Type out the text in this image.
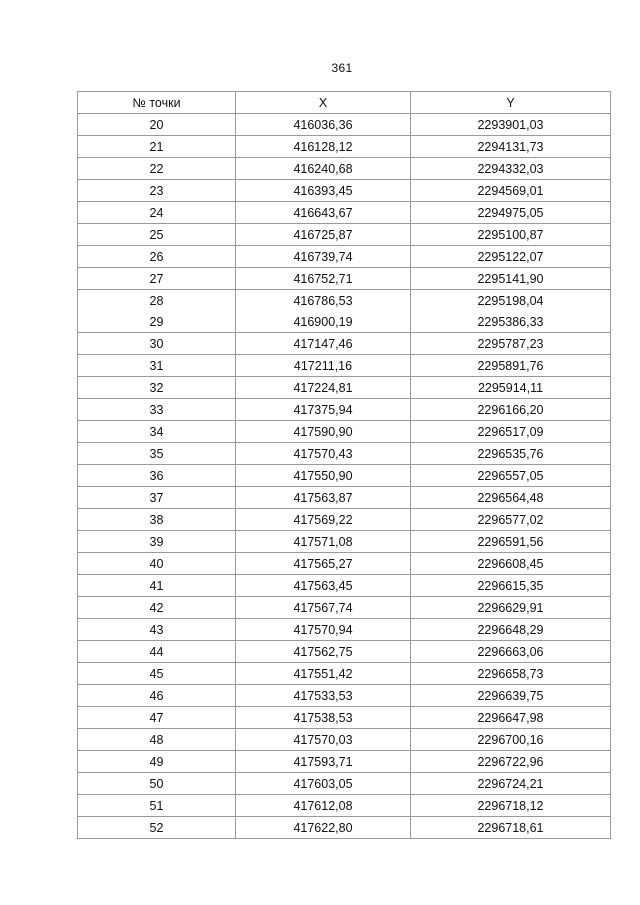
361
№ точки	X	Y
20	416036,36	2293901,03
21	416128,12	2294131,73
22	416240,68	2294332,03
23	416393,45	2294569,01
24	416643,67	2294975,05
25	416725,87	2295100,87
26	416739,74	2295122,07
27	416752,71	2295141,90
28	416786,53	2295198,04
29	416900,19	2295386,33
30	417147,46	2295787,23
31	417211,16	2295891,76
32	417224,81	2295914,11
33	417375,94	2296166,20
34	417590,90	2296517,09
35	417570,43	2296535,76
36	417550,90	2296557,05
37	417563,87	2296564,48
38	417569,22	2296577,02
39	417571,08	2296591,56
40	417565,27	2296608,45
41	417563,45	2296615,35
42	417567,74	2296629,91
43	417570,94	2296648,29
44	417562,75	2296663,06
45	417551,42	2296658,73
46	417533,53	2296639,75
47	417538,53	2296647,98
48	417570,03	2296700,16
49	417593,71	2296722,96
50	417603,05	2296724,21
51	417612,08	2296718,12
52	417622,80	2296718,61
